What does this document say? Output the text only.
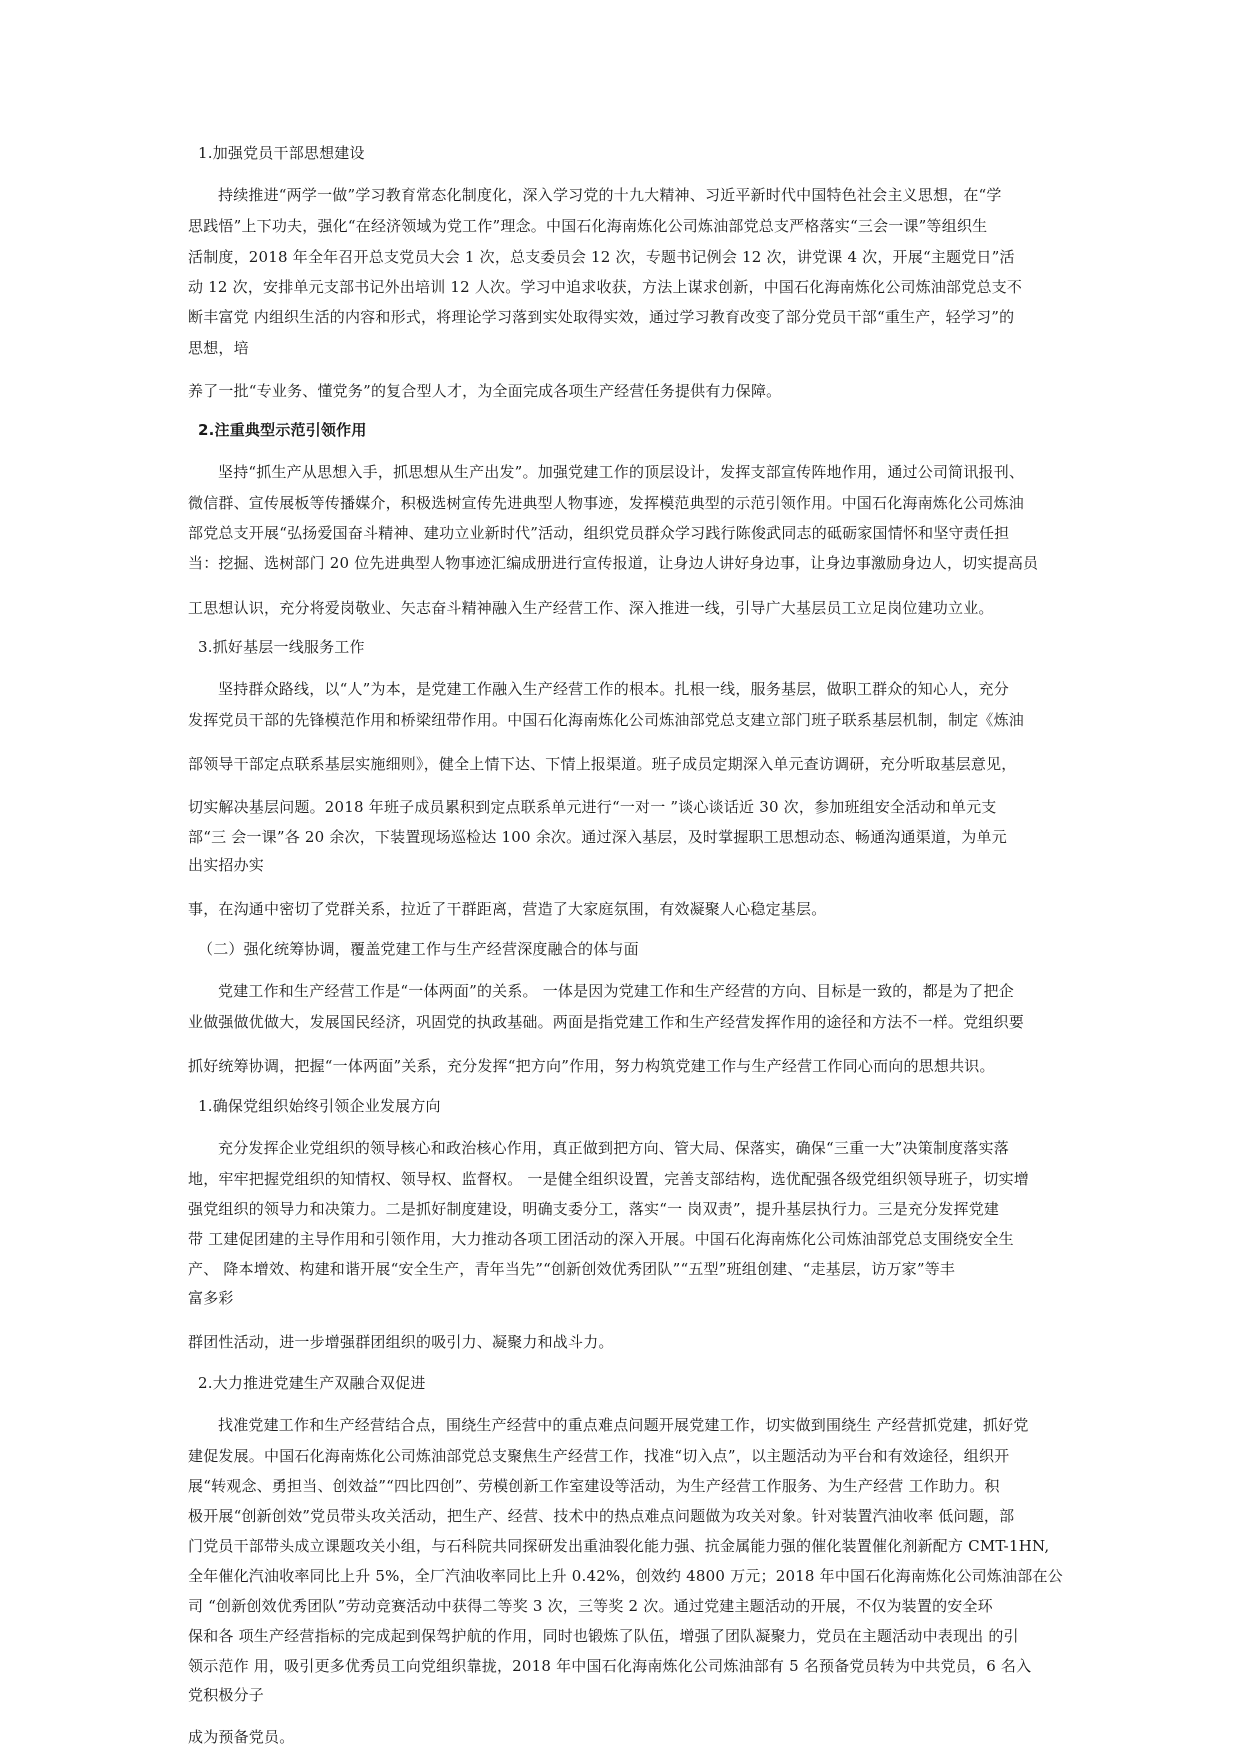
1.加强党员干部思想建设
持续推进“两学一做”学习教育常态化制度化，深入学习党的十九大精神、习近平新时代中国特色社会主义思想，在“学
思践悟”上下功夫，强化“在经济领域为党工作”理念。中国石化海南炼化公司炼油部党总支严格落实“三会一课”等组织生
活制度，2018 年全年召开总支党员大会 1 次，总支委员会 12 次，专题书记例会 12 次，讲党课 4 次，开展“主题党日”活
动 12 次，安排单元支部书记外出培训 12 人次。学习中追求收获，方法上谋求创新，中国石化海南炼化公司炼油部党总支不
断丰富党 内组织生活的内容和形式，将理论学习落到实处取得实效，通过学习教育改变了部分党员干部“重生产，轻学习”的
思想，培
养了一批“专业务、懂党务”的复合型人才，为全面完成各项生产经营任务提供有力保障。
2.注重典型示范引领作用
坚持“抓生产从思想入手，抓思想从生产出发”。加强党建工作的顶层设计，发挥支部宣传阵地作用，通过公司简讯报刊、
微信群、宣传展板等传播媒介，积极选树宣传先进典型人物事迹，发挥模范典型的示范引领作用。中国石化海南炼化公司炼油
部党总支开展“弘扬爱国奋斗精神、建功立业新时代”活动，组织党员群众学习践行陈俊武同志的砥砺家国情怀和坚守责任担
当：挖掘、选树部门 20 位先进典型人物事迹汇编成册进行宣传报道，让身边人讲好身边事，让身边事激励身边人，切实提高员
工思想认识，充分将爱岗敬业、矢志奋斗精神融入生产经营工作、深入推进一线，引导广大基层员工立足岗位建功立业。
3.抓好基层一线服务工作
坚持群众路线，以“人”为本，是党建工作融入生产经营工作的根本。扎根一线，服务基层，做职工群众的知心人，充分
发挥党员干部的先锋模范作用和桥梁纽带作用。中国石化海南炼化公司炼油部党总支建立部门班子联系基层机制，制定《炼油
部领导干部定点联系基层实施细则》，健全上情下达、下情上报渠道。班子成员定期深入单元查访调研，充分听取基层意见，
切实解决基层问题。2018 年班子成员累积到定点联系单元进行“一对一 ”谈心谈话近 30 次，参加班组安全活动和单元支
部“三 会一课”各 20 余次，下装置现场巡检达 100 余次。通过深入基层，及时掌握职工思想动态、畅通沟通渠道，为单元
出实招办实
事，在沟通中密切了党群关系，拉近了干群距离，营造了大家庭氛围，有效凝聚人心稳定基层。
（二）强化统筹协调，覆盖党建工作与生产经营深度融合的体与面
党建工作和生产经营工作是“一体两面”的关系。 一体是因为党建工作和生产经营的方向、目标是一致的，都是为了把企
业做强做优做大，发展国民经济，巩固党的执政基础。两面是指党建工作和生产经营发挥作用的途径和方法不一样。党组织要
抓好统筹协调，把握“一体两面”关系，充分发挥“把方向”作用，努力构筑党建工作与生产经营工作同心而向的思想共识。
1.确保党组织始终引领企业发展方向
充分发挥企业党组织的领导核心和政治核心作用，真正做到把方向、管大局、保落实，确保“三重一大”决策制度落实落
地，牢牢把握党组织的知情权、领导权、监督权。 一是健全组织设置，完善支部结构，选优配强各级党组织领导班子，切实增
强党组织的领导力和决策力。二是抓好制度建设，明确支委分工，落实“一 岗双责”，提升基层执行力。三是充分发挥党建
带 工建促团建的主导作用和引领作用，大力推动各项工团活动的深入开展。中国石化海南炼化公司炼油部党总支围绕安全生
产、 降本增效、构建和谐开展“安全生产，青年当先”“创新创效优秀团队”“五型”班组创建、“走基层，访万家”等丰
富多彩
群团性活动，进一步增强群团组织的吸引力、凝聚力和战斗力。
2.大力推进党建生产双融合双促进
找准党建工作和生产经营结合点，围绕生产经营中的重点难点问题开展党建工作，切实做到围绕生 产经营抓党建，抓好党
建促发展。中国石化海南炼化公司炼油部党总支聚焦生产经营工作，找准“切入点”，以主题活动为平台和有效途径，组织开
展“转观念、勇担当、创效益”“四比四创”、劳模创新工作室建设等活动，为生产经营工作服务、为生产经营 工作助力。积
极开展“创新创效”党员带头攻关活动，把生产、经营、技术中的热点难点问题做为攻关对象。针对装置汽油收率 低问题，部
门党员干部带头成立课题攻关小组，与石科院共同探研发出重油裂化能力强、抗金属能力强的催化装置催化剂新配方 CMT-1HN,
全年催化汽油收率同比上升 5%，全厂汽油收率同比上升 0.42%，创效约 4800 万元；2018 年中国石化海南炼化公司炼油部在公
司 “创新创效优秀团队”劳动竞赛活动中获得二等奖 3 次，三等奖 2 次。通过党建主题活动的开展，不仅为装置的安全环
保和各 项生产经营指标的完成起到保驾护航的作用，同时也锻炼了队伍，增强了团队凝聚力，党员在主题活动中表现出 的引
领示范作 用，吸引更多优秀员工向党组织靠拢，2018 年中国石化海南炼化公司炼油部有 5 名预备党员转为中共党员，6 名入
党积极分子
成为预备党员。
